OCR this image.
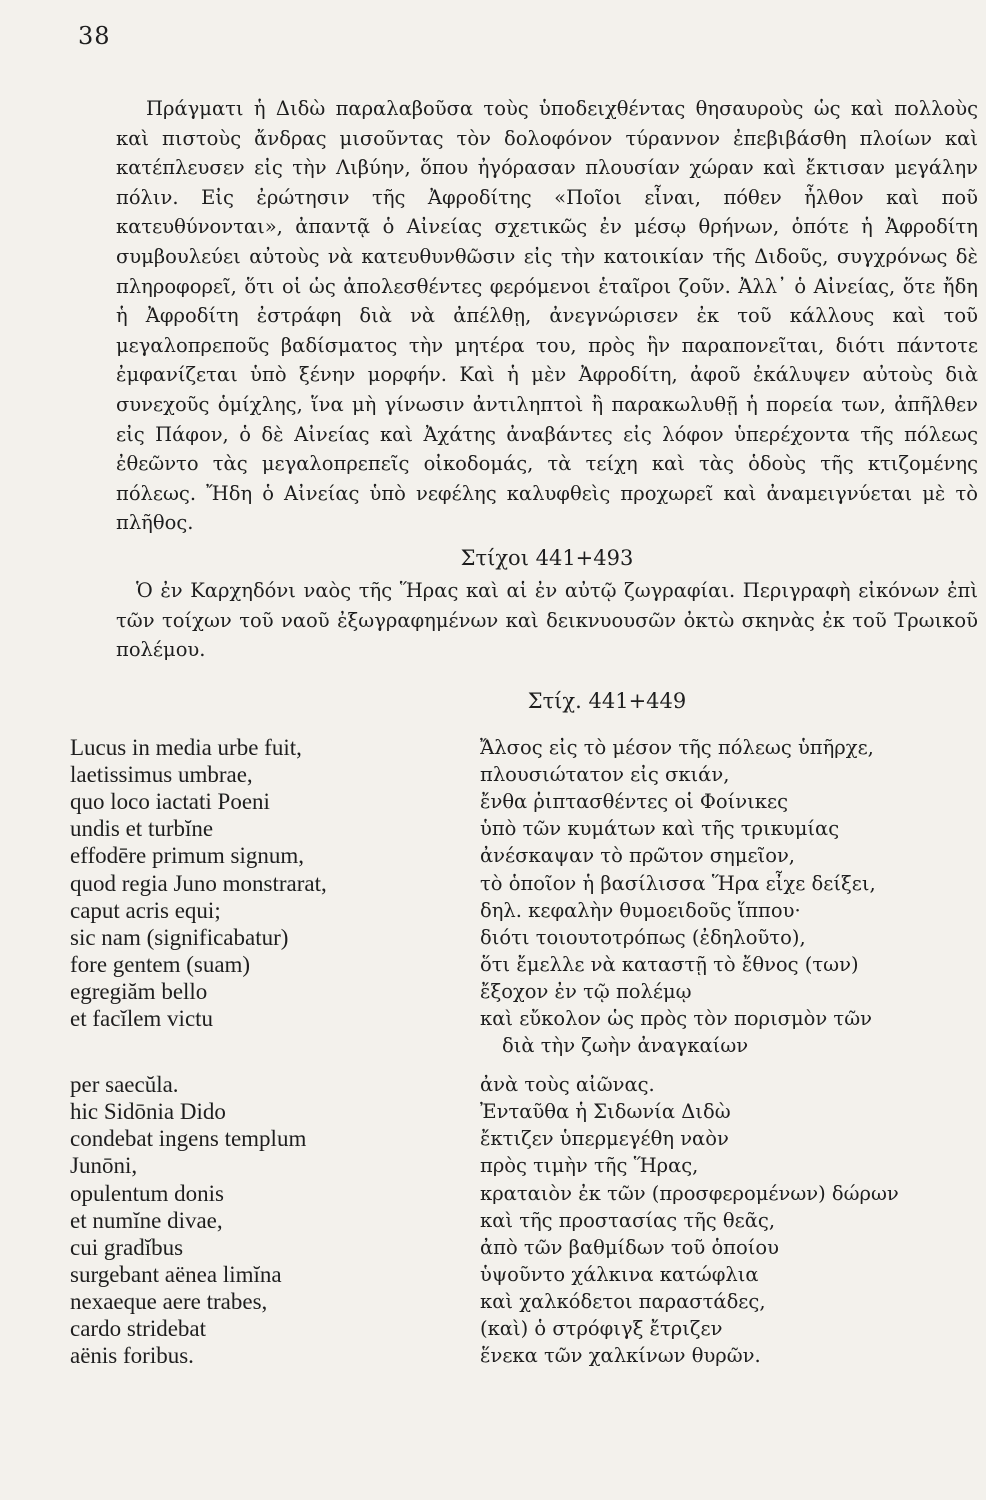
38

Πράγματι ἡ Διδὼ παραλαβοῦσα τοὺς ὑποδειχθέντας θησαυροὺς ὡς καὶ πολλοὺς καὶ πιστοὺς ἄνδρας μισοῦντας τὸν δολοφόνον τύραννον ἐπεβιβάσθη πλοίων καὶ κατέπλευσεν εἰς τὴν Λιβύην, ὅπου ἠγόρασαν πλουσίαν χώραν καὶ ἔκτισαν μεγάλην πόλιν. Εἰς ἐρώτησιν τῆς Ἀφροδίτης «Ποῖοι εἶναι, πόθεν ἦλθον καὶ ποῦ κατευθύνονται», ἀπαντᾷ ὁ Αἰνείας σχετικῶς ἐν μέσῳ θρήνων, ὁπότε ἡ Ἀφροδίτη συμβουλεύει αὐτοὺς νὰ κατευθυνθῶσιν εἰς τὴν κατοικίαν τῆς Διδοῦς, συγχρόνως δὲ πληροφορεῖ, ὅτι οἱ ὡς ἀπολεσθέντες φερόμενοι ἑταῖροι ζοῦν. Ἀλλ᾽ ὁ Αἰνείας, ὅτε ἤδη ἡ Ἀφροδίτη ἐστράφη διὰ νὰ ἀπέλθῃ, ἀνεγνώρισεν ἐκ τοῦ κάλλους καὶ τοῦ μεγαλοπρεποῦς βαδίσματος τὴν μητέρα του, πρὸς ἣν παραπονεῖται, διότι πάντοτε ἐμφανίζεται ὑπὸ ξένην μορφήν. Καὶ ἡ μὲν Ἀφροδίτη, ἀφοῦ ἐκάλυψεν αὐτοὺς διὰ συνεχοῦς ὁμίχλης, ἵνα μὴ γίνωσιν ἀντιληπτοὶ ἢ παρακωλυθῇ ἡ πορεία των, ἀπῆλθεν εἰς Πάφον, ὁ δὲ Αἰνείας καὶ Ἀχάτης ἀναβάντες εἰς λόφον ὑπερέχοντα τῆς πόλεως ἐθεῶντο τὰς μεγαλοπρεπεῖς οἰκοδομάς, τὰ τείχη καὶ τὰς ὁδοὺς τῆς κτιζομένης πόλεως. Ἤδη ὁ Αἰνείας ὑπὸ νεφέλης καλυφθεὶς προχωρεῖ καὶ ἀναμειγνύεται μὲ τὸ πλῆθος.

Στίχοι 441+493

Ὁ ἐν Καρχηδόνι ναὸς τῆς Ἥρας καὶ αἱ ἐν αὐτῷ ζωγραφίαι. Περιγραφὴ εἰκόνων ἐπὶ τῶν τοίχων τοῦ ναοῦ ἐξωγραφημένων καὶ δεικνυουσῶν ὀκτὼ σκηνὰς ἐκ τοῦ Τρωικοῦ πολέμου.

Στίχ. 441+449
Lucus in media urbe fuit,	Ἄλσος εἰς τὸ μέσον τῆς πόλεως ὑπῆρχε,
laetissimus umbrae,	πλουσιώτατον εἰς σκιάν,
quo loco iactati Poeni	ἔνθα ῥιπτασθέντες οἱ Φοίνικες
undis et turbĭne	ὑπὸ τῶν κυμάτων καὶ τῆς τρικυμίας
effodēre primum signum,	ἀνέσκαψαν τὸ πρῶτον σημεῖον,
quod regia Juno monstrarat,	τὸ ὁποῖον ἡ βασίλισσα Ἥρα εἶχε δείξει,
caput acris equi;	δηλ. κεφαλὴν θυμοειδοῦς ἵππου·
sic nam (significabatur)	διότι τοιουτοτρόπως (ἐδηλοῦτο),
fore gentem (suam)	ὅτι ἔμελλε νὰ καταστῇ τὸ ἔθνος (των)
egregiăm bello	ἔξοχον ἐν τῷ πολέμῳ
et facĭlem victu	καὶ εὔκολον ὡς πρὸς τὸν πορισμὸν τῶν
διὰ τὴν ζωὴν ἀναγκαίων
per saecŭla.	ἀνὰ τοὺς αἰῶνας.
hic Sidōnia Dido	Ἐνταῦθα ἡ Σιδωνία Διδὼ
condebat ingens templum	ἔκτιζεν ὑπερμεγέθη ναὸν
Junōni,	πρὸς τιμὴν τῆς Ἥρας,
opulentum donis	κραταιὸν ἐκ τῶν (προσφερομένων) δώρων
et numĭne divae,	καὶ τῆς προστασίας τῆς θεᾶς,
cui gradĭbus	ἀπὸ τῶν βαθμίδων τοῦ ὁποίου
surgebant aënea limĭna	ὑψοῦντο χάλκινα κατώφλια
nexaeque aere trabes,	καὶ χαλκόδετοι παραστάδες,
cardo stridebat	(καὶ) ὁ στρόφιγξ ἔτριζεν
aënis foribus.	ἕνεκα τῶν χαλκίνων θυρῶν.
